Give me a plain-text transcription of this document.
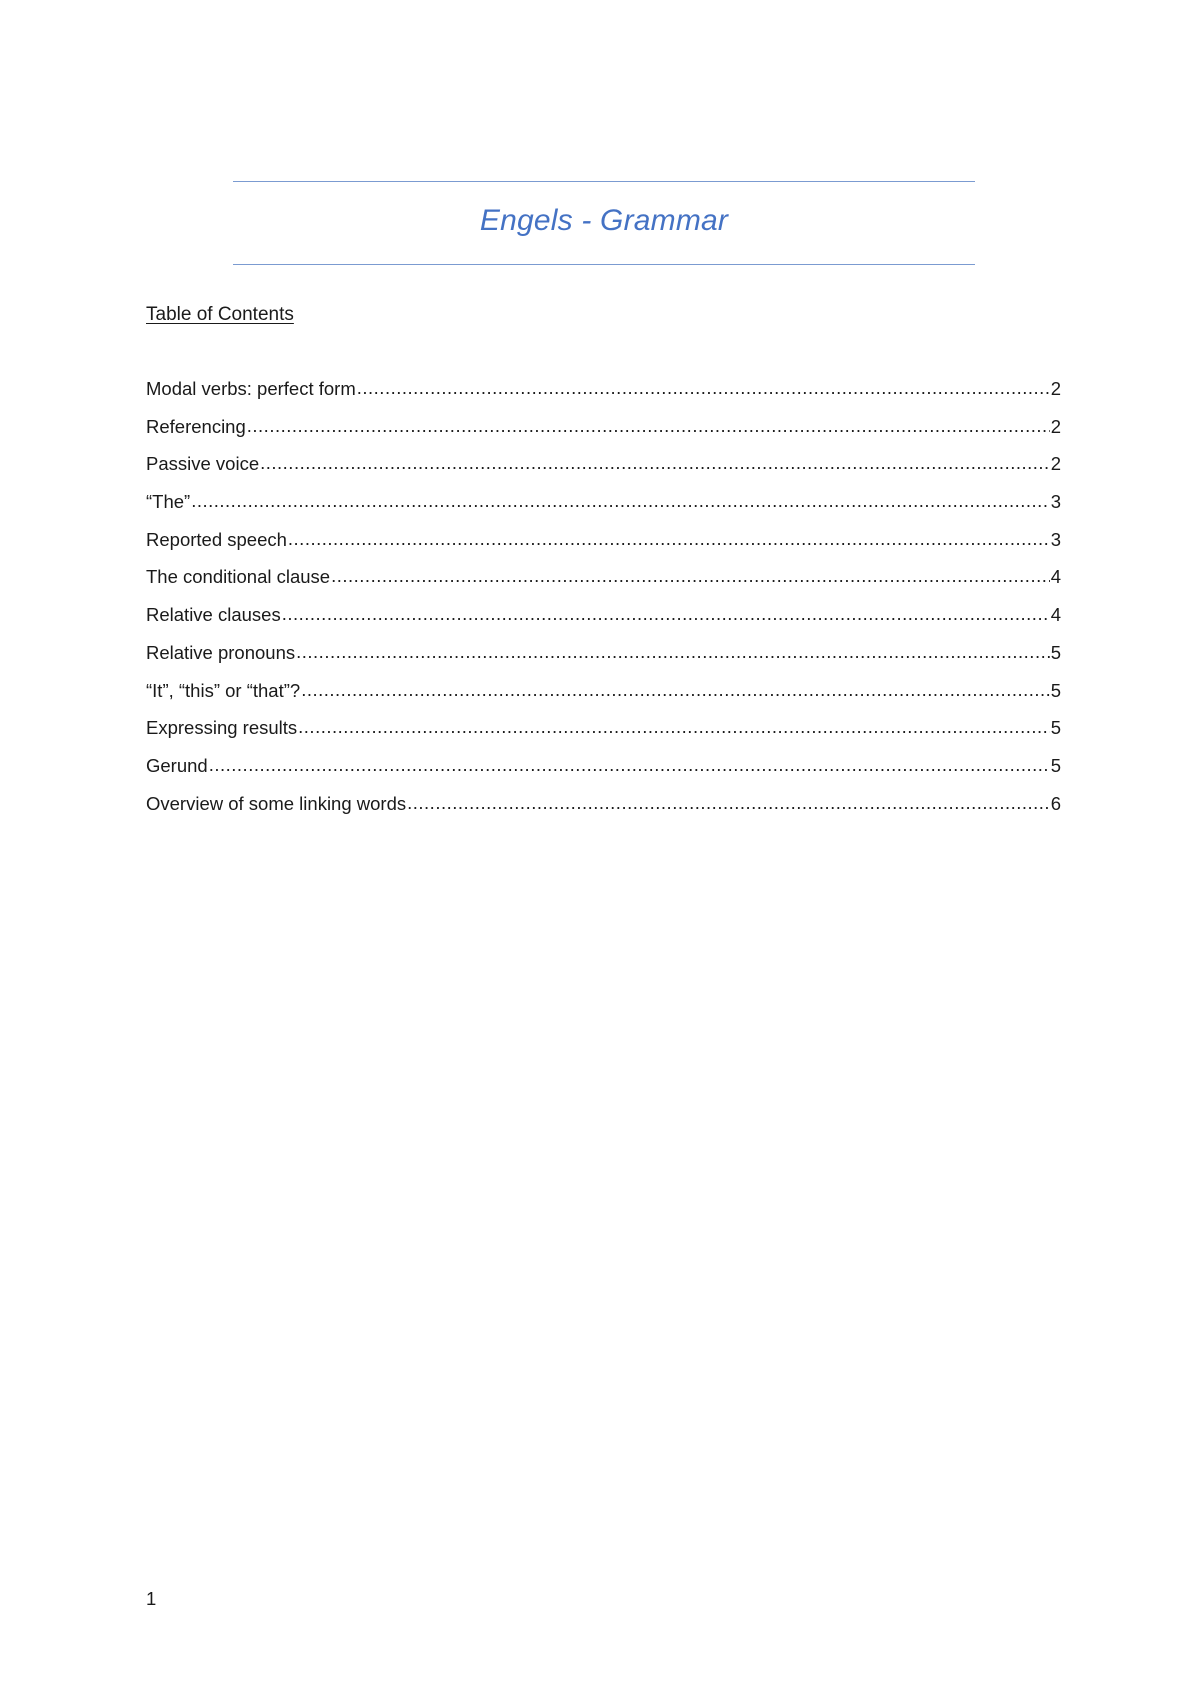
Engels - Grammar
Table of Contents
Modal verbs: perfect form .....	2
Referencing .....	2
Passive voice .....	2
“The” .....	3
Reported speech .....	3
The conditional clause .....	4
Relative clauses .....	4
Relative pronouns .....	5
“It”, “this” or “that”? .....	5
Expressing results .....	5
Gerund .....	5
Overview of some linking words .....	6
1
